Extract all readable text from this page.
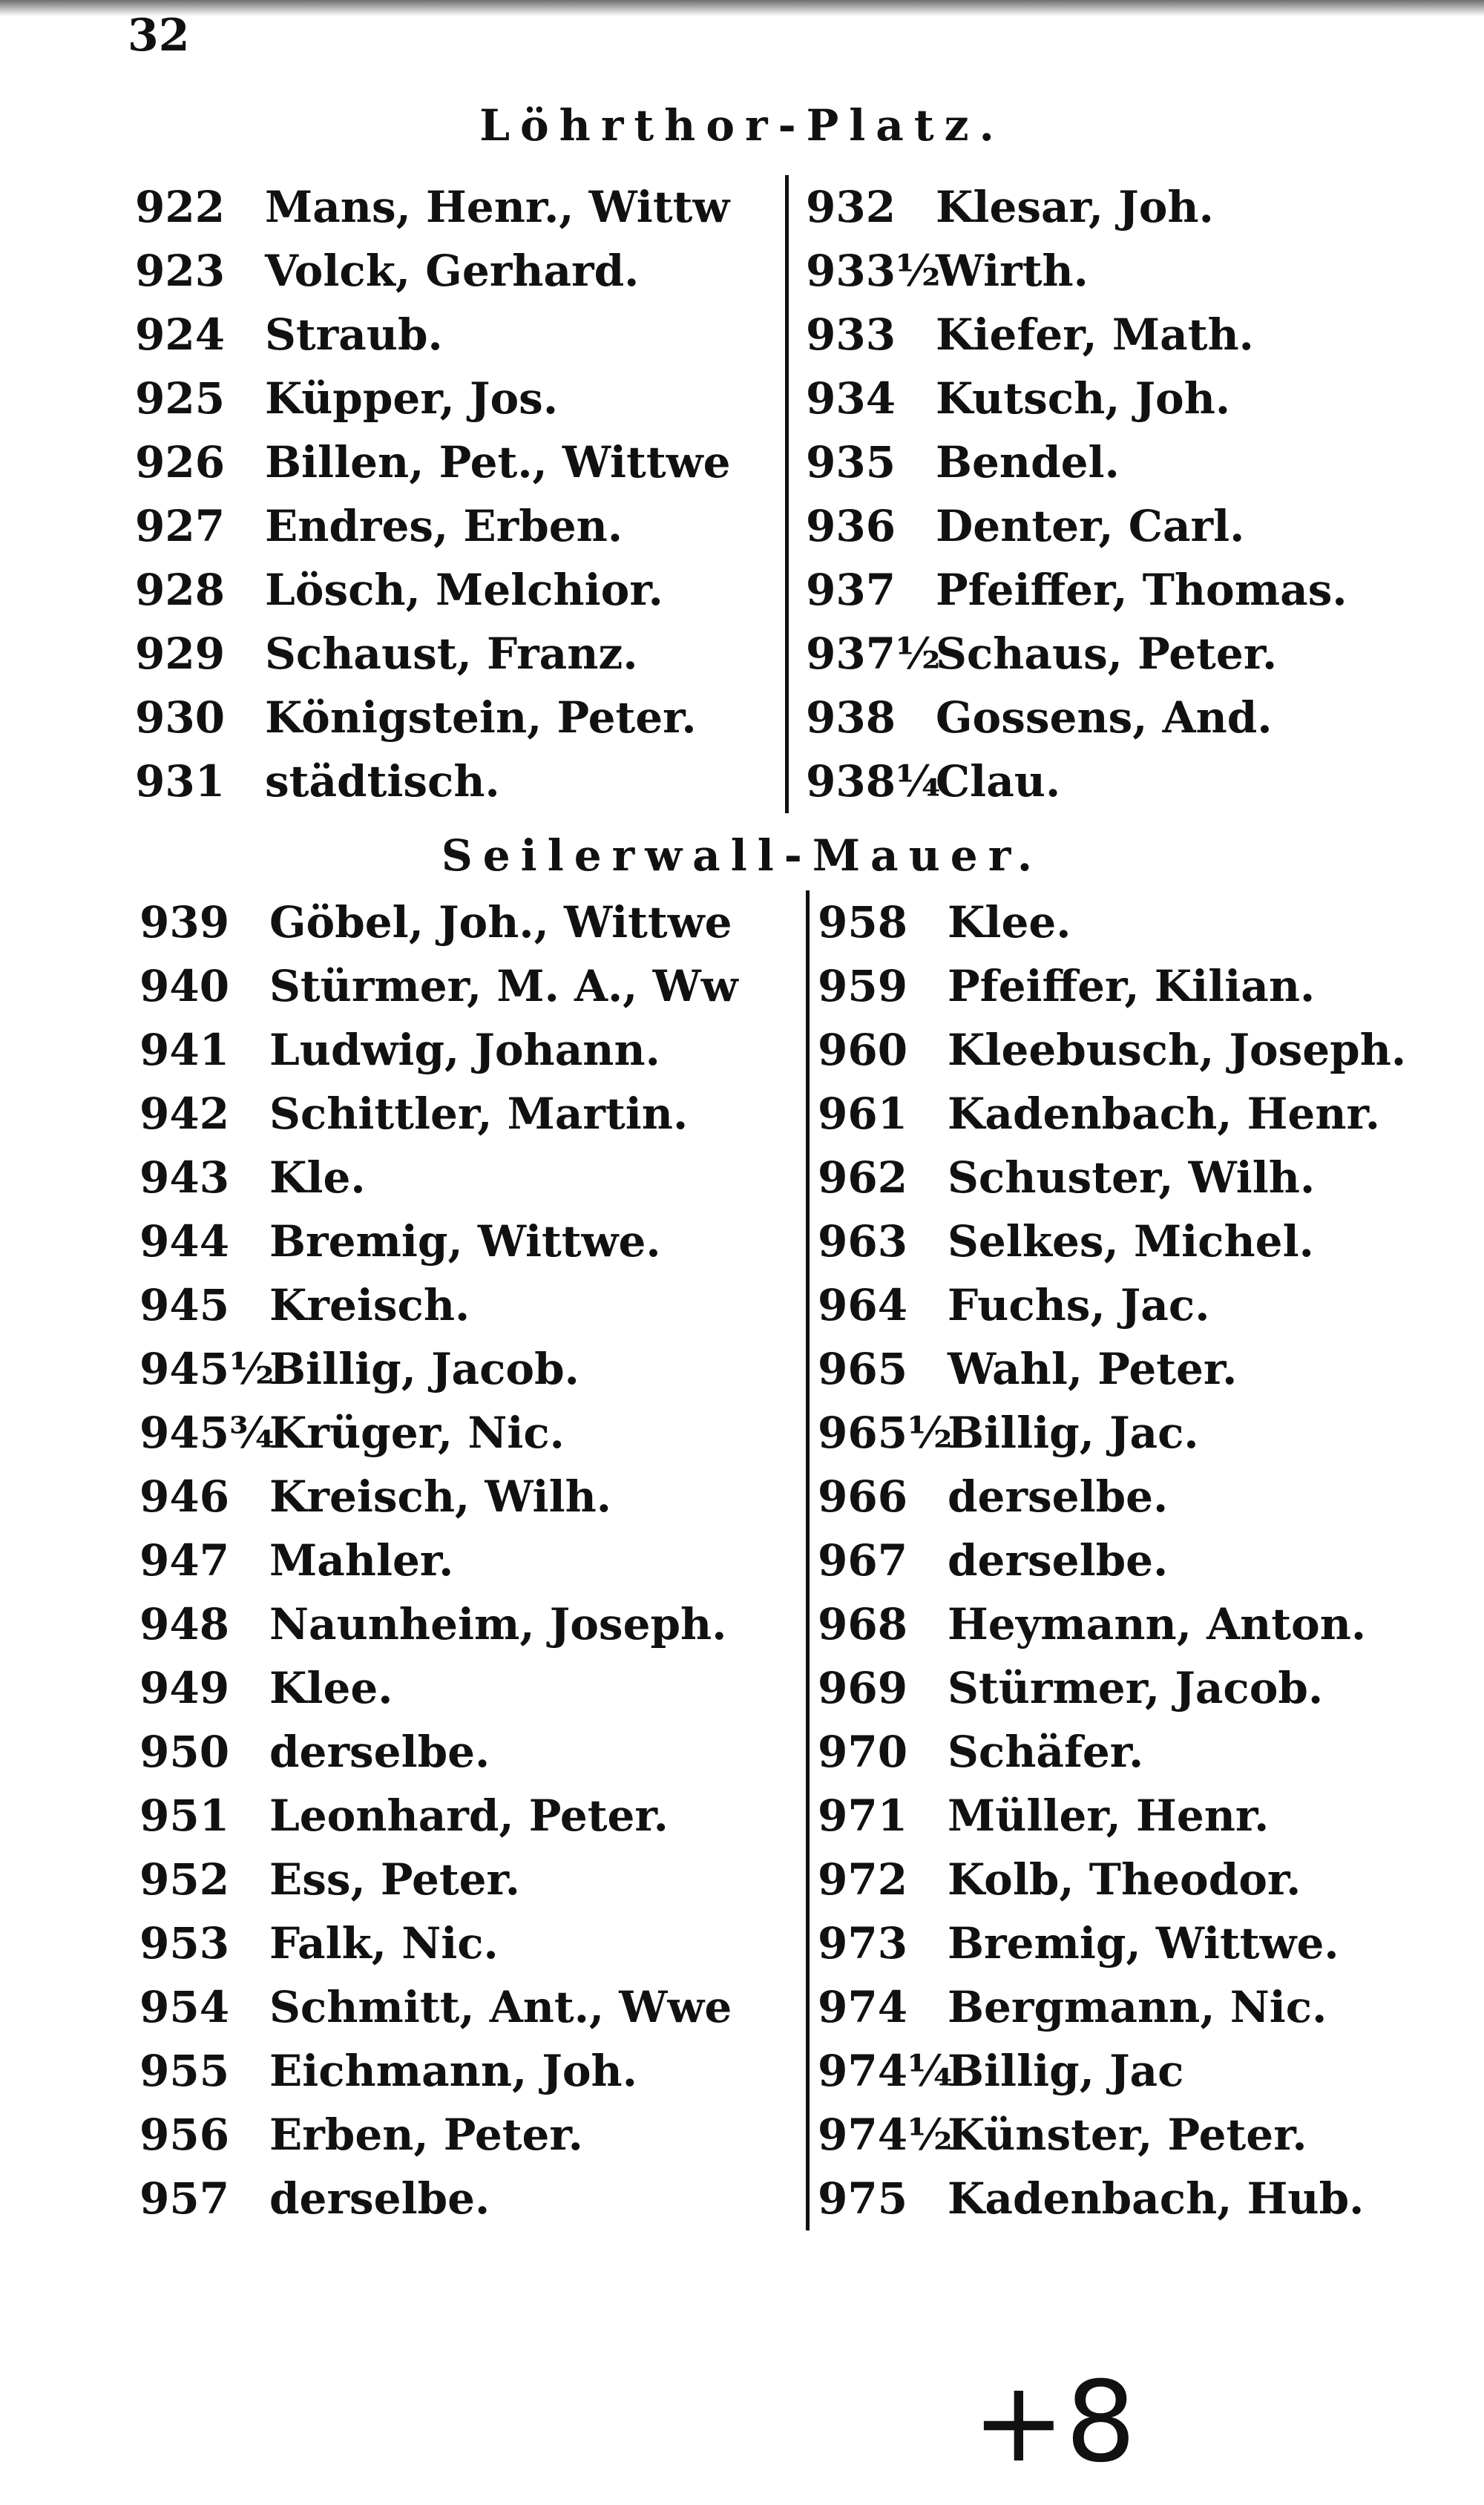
32
Löhrthor-Platz.
922 Mans, Henr., Wittw
923 Volck, Gerhard.
924 Straub.
925 Küpper, Jos.
926 Billen, Pet., Wittwe
927 Endres, Erben.
928 Lösch, Melchior.
929 Schaust, Franz.
930 Königstein, Peter.
931 städtisch.
932 Klesar, Joh.
933½
Wirth.
933 Kiefer, Math.
934 Kutsch, Joh.
935 Bendel.
936 Denter, Carl.
937 Pfeiffer, Thomas.
937½
Schaus, Peter.
938 Gossens, And.
938¼
Clau.
Seilerwall-Mauer.
939 Göbel, Joh., Wittwe
940 Stürmer, M. A., Ww
941 Ludwig, Johann.
942 Schittler, Martin.
943 Kle.
944 Bremig, Wittwe.
945 Kreisch.
945½
Billig, Jacob.
945¾
Krüger, Nic.
946 Kreisch, Wilh.
947 Mahler.
948 Naunheim, Joseph.
949 Klee.
950 derselbe.
951 Leonhard, Peter.
952 Ess, Peter.
953 Falk, Nic.
954 Schmitt, Ant., Wwe
955 Eichmann, Joh.
956 Erben, Peter.
957 derselbe.
958 Klee.
959 Pfeiffer, Kilian.
960 Kleebusch, Joseph.
961 Kadenbach, Henr.
962 Schuster, Wilh.
963 Selkes, Michel.
964 Fuchs, Jac.
965 Wahl, Peter.
965½
Billig, Jac.
966 derselbe.
967 derselbe.
968 Heymann, Anton.
969 Stürmer, Jacob.
970 Schäfer.
971 Müller, Henr.
972 Kolb, Theodor.
973 Bremig, Wittwe.
974 Bergmann, Nic.
974¼
Billig, Jac
974½
Künster, Peter.
975 Kadenbach, Hub.
+8
